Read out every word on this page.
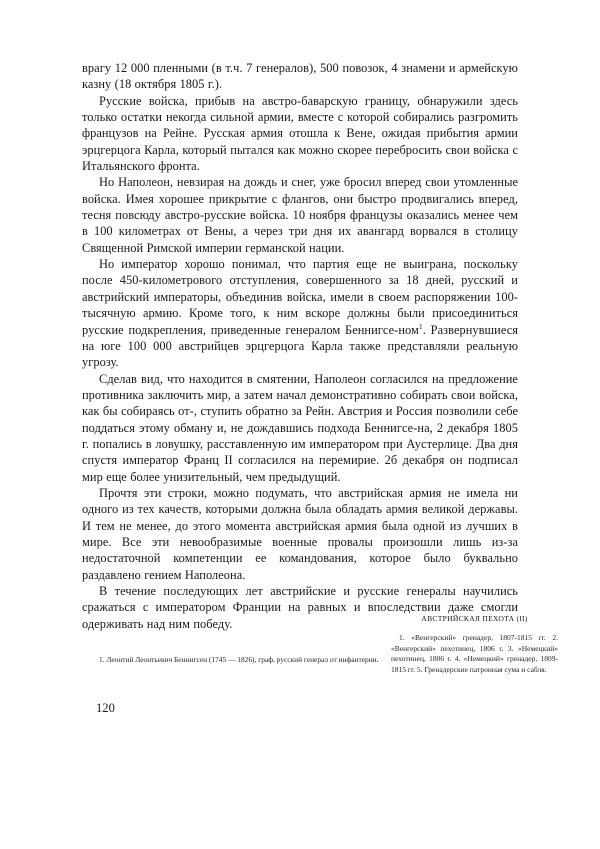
врагу 12 000 пленными (в т.ч. 7 генералов), 500 повозок, 4 знамени и армейскую казну (18 октября 1805 г.).

Русские войска, прибыв на австро-баварскую границу, обнаружили здесь только остатки некогда сильной армии, вместе с которой собирались разгромить французов на Рейне. Русская армия отошла к Вене, ожидая прибытия армии эрцгерцога Карла, который пытался как можно скорее перебросить свои войска с Итальянского фронта.

Но Наполеон, невзирая на дождь и снег, уже бросил вперед свои утомленные войска. Имея хорошее прикрытие с флангов, они быстро продвигались вперед, тесня повсюду австро-русские войска. 10 ноября французы оказались менее чем в 100 километрах от Вены, а через три дня их авангард ворвался в столицу Священной Римской империи германской нации.

Но император хорошо понимал, что партия еще не выиграна, поскольку после 450-километрового отступления, совершенного за 18 дней, русский и австрийский императоры, объединив войска, имели в своем распоряжении 100-тысячную армию. Кроме того, к ним вскоре должны были присоединиться русские подкрепления, приведенные генералом Беннигсе-ном$^1$. Развернувшиеся на юге 100 000 австрийцев эрцгерцога Карла также представляли реальную угрозу.

Сделав вид, что находится в смятении, Наполеон согласился на предложение противника заключить мир, а затем начал демонстративно собирать свои войска, как бы собираясь от-, ступить обратно за Рейн. Австрия и Россия позволили себе поддаться этому обману и, не дождавшись подхода Беннигсе-на, 2 декабря 1805 г. попались в ловушку, расставленную им императором при Аустерлице. Два дня спустя император Франц II согласился на перемирие. 2б декабря он подписал мир еще более унизительный, чем предыдущий.

Прочтя эти строки, можно подумать, что австрийская армия не имела ни одного из тех качеств, которыми должна была обладать армия великой державы. И тем не менее, до этого момента австрийская армия была одной из лучших в мире. Все эти невообразимые военные провалы произошли лишь из-за недостаточной компетенции ее командования, которое было буквально раздавлено гением Наполеона.

В течение последующих лет австрийские и русские генералы научились сражаться с императором Франции на равных и впоследствии даже смогли одерживать над ним победу.

1. Леонтий Леонтьевич Беннигсен (1745 — 1826), граф, русский генерал от инфантерии.

120

АВСТРИЙСКАЯ ПЕХОТА (II)

1. «Венгерский» гренадер, 1807-1815 гг. 2. «Венгерский» пехотинец, 1806 г. 3. «Немецкий» пехотинец, 1806 г. 4. «Немецкий» гренадер, 1809-1815 гг. 5. Гренадерские патронная сума и сабля.
